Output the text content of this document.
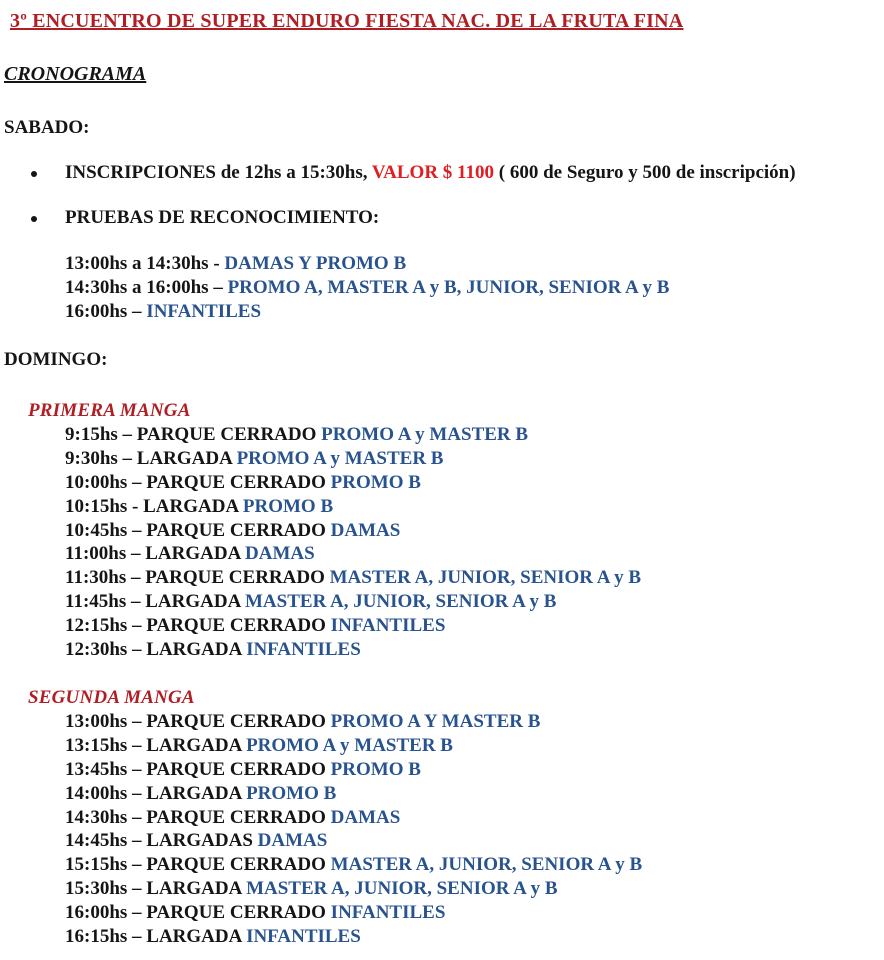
3º ENCUENTRO DE SUPER ENDURO FIESTA NAC. DE LA FRUTA FINA
CRONOGRAMA
SABADO:
INSCRIPCIONES de 12hs a 15:30hs, VALOR $ 1100 ( 600 de Seguro y 500 de inscripción)
PRUEBAS DE RECONOCIMIENTO:
13:00hs a 14:30hs - DAMAS Y PROMO B
14:30hs a 16:00hs – PROMO A, MASTER A y B, JUNIOR, SENIOR A y B
16:00hs – INFANTILES
DOMINGO:
PRIMERA MANGA
9:15hs – PARQUE CERRADO PROMO A y MASTER B
9:30hs – LARGADA PROMO A y MASTER B
10:00hs – PARQUE CERRADO PROMO B
10:15hs - LARGADA PROMO B
10:45hs – PARQUE CERRADO DAMAS
11:00hs – LARGADA DAMAS
11:30hs – PARQUE CERRADO MASTER A, JUNIOR, SENIOR A y B
11:45hs – LARGADA MASTER A, JUNIOR, SENIOR A y B
12:15hs – PARQUE CERRADO INFANTILES
12:30hs – LARGADA INFANTILES
SEGUNDA MANGA
13:00hs – PARQUE CERRADO PROMO A Y MASTER B
13:15hs – LARGADA PROMO A y MASTER B
13:45hs – PARQUE CERRADO PROMO B
14:00hs – LARGADA PROMO B
14:30hs – PARQUE CERRADO DAMAS
14:45hs – LARGADAS DAMAS
15:15hs – PARQUE CERRADO MASTER A, JUNIOR, SENIOR A y B
15:30hs – LARGADA MASTER A, JUNIOR, SENIOR A y B
16:00hs – PARQUE CERRADO INFANTILES
16:15hs – LARGADA INFANTILES
